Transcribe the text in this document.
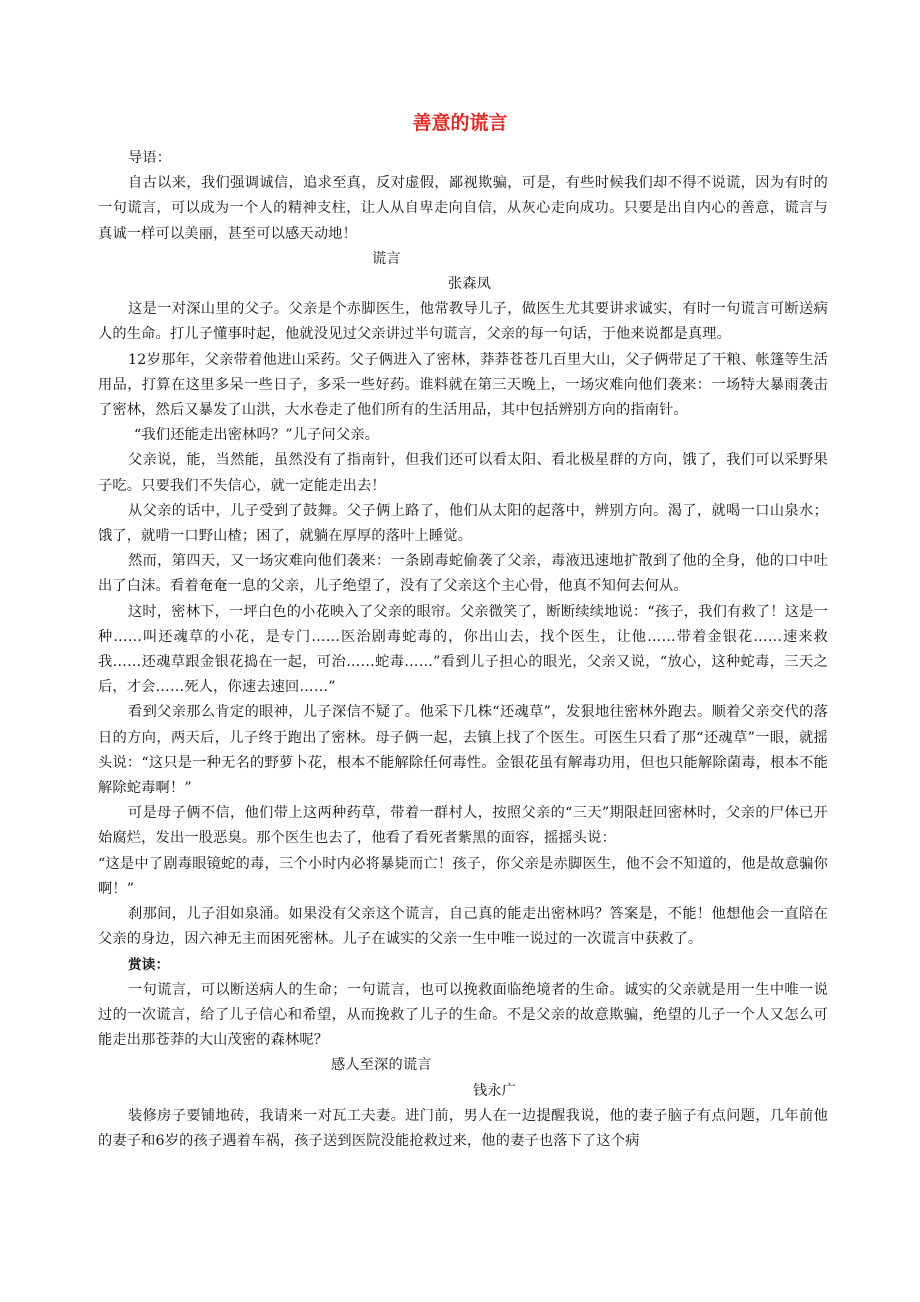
善意的谎言
导语：

自古以来，我们强调诚信，追求至真，反对虚假，鄙视欺骗，可是，有些时候我们却不得不说谎，因为有时的一句谎言，可以成为一个人的精神支柱，让人从自卑走向自信，从灰心走向成功。只要是出自内心的善意，谎言与真诚一样可以美丽，甚至可以感天动地！

谎言
张森凤

这是一对深山里的父子。父亲是个赤脚医生，他常教导儿子，做医生尤其要讲求诚实，有时一句谎言可断送病人的生命。打儿子懂事时起，他就没见过父亲讲过半句谎言，父亲的每一句话，于他来说都是真理。

12岁那年，父亲带着他进山采药。父子俩进入了密林，莽莽苍苍几百里大山，父子俩带足了干粮、帐篷等生活用品，打算在这里多呆一些日子，多采一些好药。谁料就在第三天晚上，一场灾难向他们袭来：一场特大暴雨袭击了密林，然后又暴发了山洪，大水卷走了他们所有的生活用品，其中包括辨别方向的指南针。

“我们还能走出密林吗？”儿子问父亲。

父亲说，能，当然能，虽然没有了指南针，但我们还可以看太阳、看北极星群的方向，饿了，我们可以采野果子吃。只要我们不失信心，就一定能走出去！

从父亲的话中，儿子受到了鼓舞。父子俩上路了，他们从太阳的起落中，辨别方向。渴了，就喝一口山泉水；饿了，就啃一口野山楂；困了，就躺在厚厚的落叶上睡觉。

然而，第四天，又一场灾难向他们袭来：一条剧毒蛇偷袭了父亲，毒液迅速地扩散到了他的全身，他的口中吐出了白沫。看着奄奄一息的父亲，儿子绝望了，没有了父亲这个主心骨，他真不知何去何从。

这时，密林下，一坪白色的小花映入了父亲的眼帘。父亲微笑了，断断续续地说：“孩子，我们有救了！这是一种……叫还魂草的小花，是专门……医治剧毒蛇毒的，你出山去，找个医生，让他……带着金银花……速来救我……还魂草跟金银花捣在一起，可治……蛇毒……”看到儿子担心的眼光，父亲又说，“放心，这种蛇毒，三天之后，才会……死人，你速去速回……”

看到父亲那么肯定的眼神，儿子深信不疑了。他采下几株“还魂草”，发狠地往密林外跑去。顺着父亲交代的落日的方向，两天后，儿子终于跑出了密林。母子俩一起，去镇上找了个医生。可医生只看了那“还魂草”一眼，就摇头说：“这只是一种无名的野萝卜花，根本不能解除任何毒性。金银花虽有解毒功用，但也只能解除菌毒，根本不能解除蛇毒啊！”

可是母子俩不信，他们带上这两种药草，带着一群村人，按照父亲的“三天”期限赶回密林时，父亲的尸体已开始腐烂，发出一股恶臭。那个医生也去了，他看了看死者紫黑的面容，摇摇头说：

“这是中了剧毒眼镜蛇的毒，三个小时内必将暴毙而亡！孩子，你父亲是赤脚医生，他不会不知道的，他是故意骗你啊！”

刹那间，儿子泪如泉涌。如果没有父亲这个谎言，自己真的能走出密林吗？答案是，不能！他想他会一直陪在父亲的身边，因六神无主而困死密林。儿子在诚实的父亲一生中唯一说过的一次谎言中获救了。

赏读：

一句谎言，可以断送病人的生命；一句谎言，也可以挽救面临绝境者的生命。诚实的父亲就是用一生中唯一说过的一次谎言，给了儿子信心和希望，从而挽救了儿子的生命。不是父亲的故意欺骗，绝望的儿子一个人又怎么可能走出那苍莽的大山茂密的森林呢？

感人至深的谎言
钱永广

装修房子要铺地砖，我请来一对瓦工夫妻。进门前，男人在一边提醒我说，他的妻子脑子有点问题，几年前他的妻子和6岁的孩子遇着车祸，孩子送到医院没能抢救过来，他的妻子也落下了这个病
